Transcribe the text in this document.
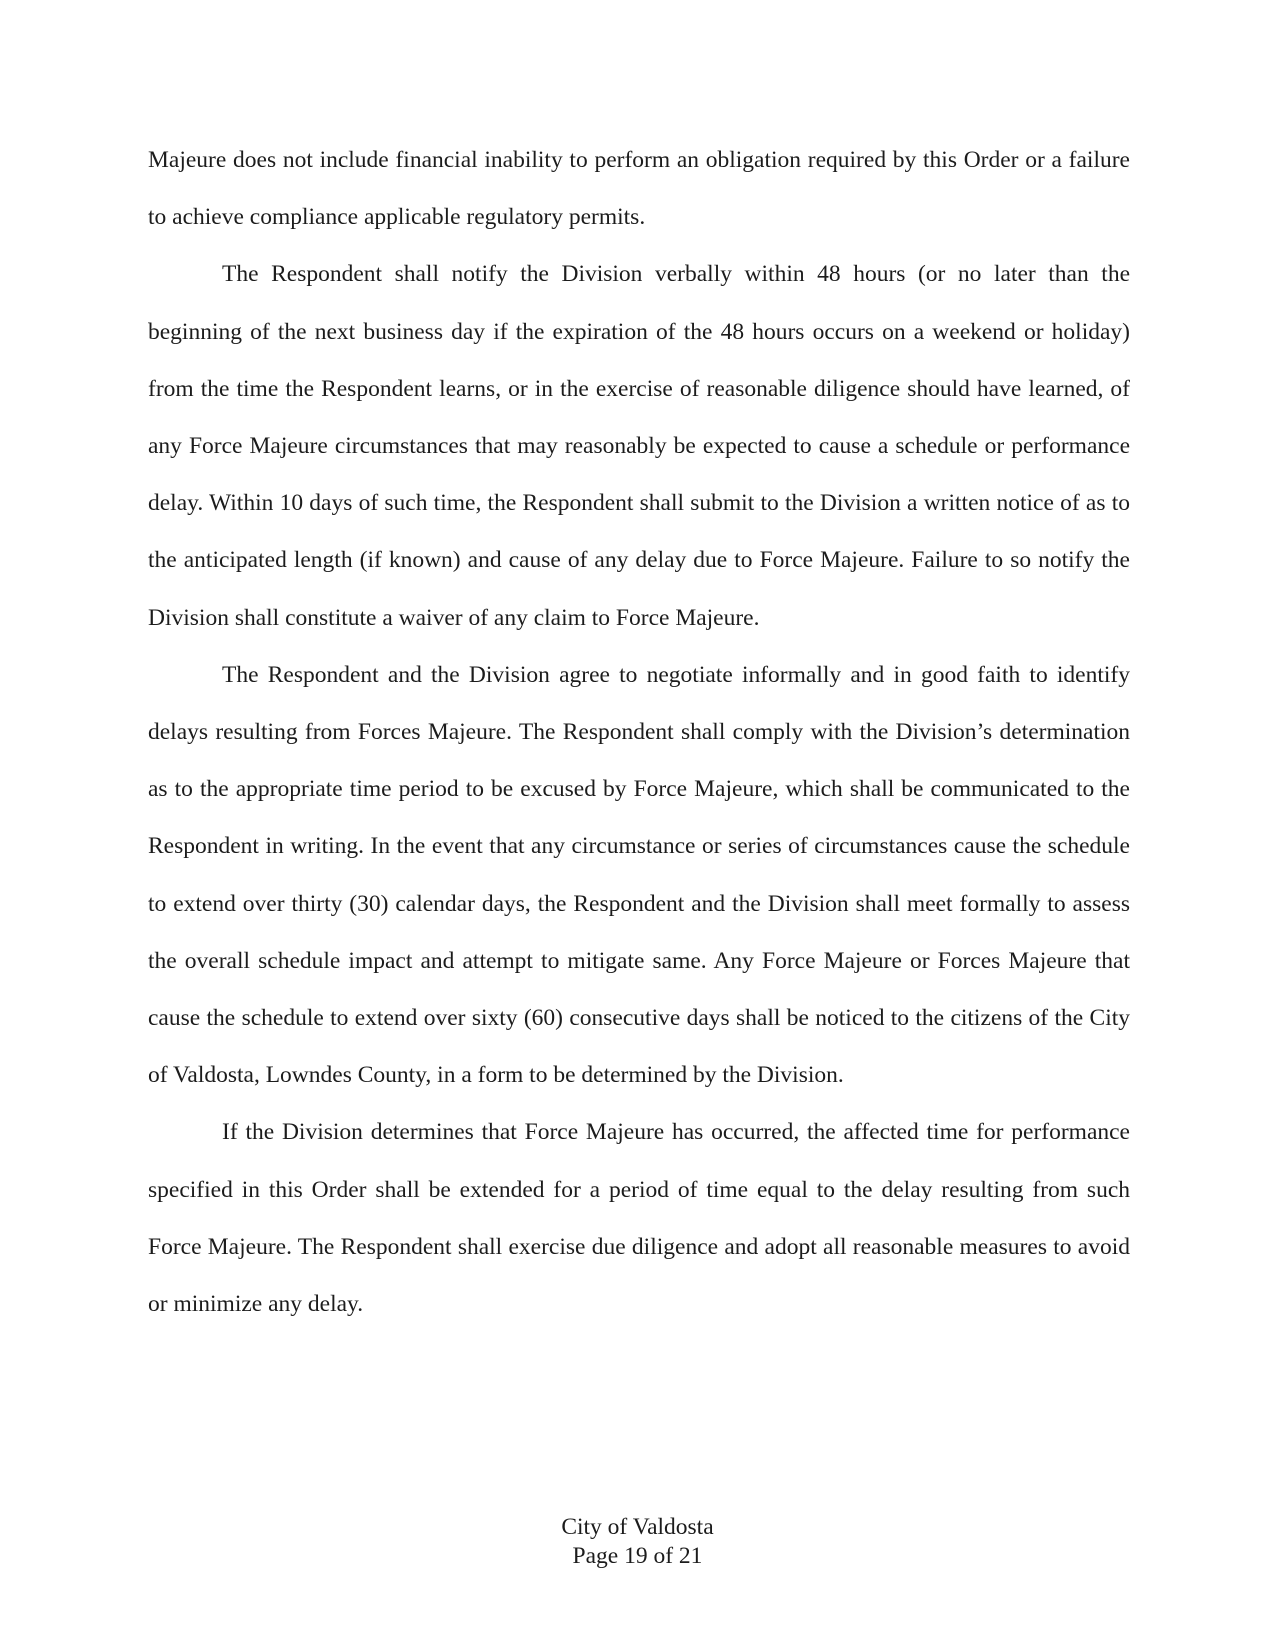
Majeure does not include financial inability to perform an obligation required by this Order or a failure to achieve compliance applicable regulatory permits.

The Respondent shall notify the Division verbally within 48 hours (or no later than the beginning of the next business day if the expiration of the 48 hours occurs on a weekend or holiday) from the time the Respondent learns, or in the exercise of reasonable diligence should have learned, of any Force Majeure circumstances that may reasonably be expected to cause a schedule or performance delay. Within 10 days of such time, the Respondent shall submit to the Division a written notice of as to the anticipated length (if known) and cause of any delay due to Force Majeure. Failure to so notify the Division shall constitute a waiver of any claim to Force Majeure.

The Respondent and the Division agree to negotiate informally and in good faith to identify delays resulting from Forces Majeure. The Respondent shall comply with the Division’s determination as to the appropriate time period to be excused by Force Majeure, which shall be communicated to the Respondent in writing. In the event that any circumstance or series of circumstances cause the schedule to extend over thirty (30) calendar days, the Respondent and the Division shall meet formally to assess the overall schedule impact and attempt to mitigate same. Any Force Majeure or Forces Majeure that cause the schedule to extend over sixty (60) consecutive days shall be noticed to the citizens of the City of Valdosta, Lowndes County, in a form to be determined by the Division.

If the Division determines that Force Majeure has occurred, the affected time for performance specified in this Order shall be extended for a period of time equal to the delay resulting from such Force Majeure. The Respondent shall exercise due diligence and adopt all reasonable measures to avoid or minimize any delay.

City of Valdosta
Page 19 of 21
